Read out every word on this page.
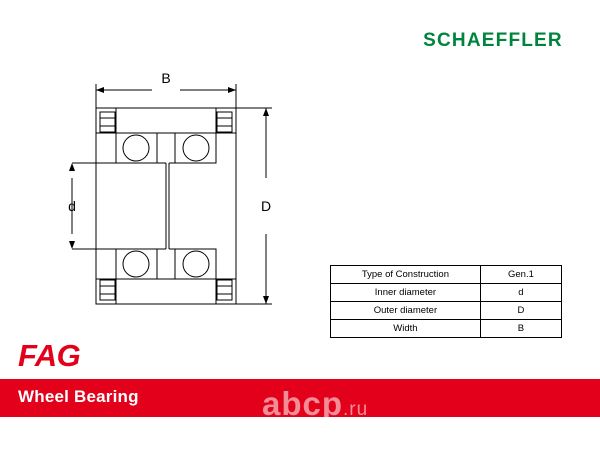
SCHAEFFLER
B
d	D
Type of Construction	Gen.1
Inner diameter	d
Outer diameter	D
Width	B
FAG
Wheel Bearing	abcp.ru
